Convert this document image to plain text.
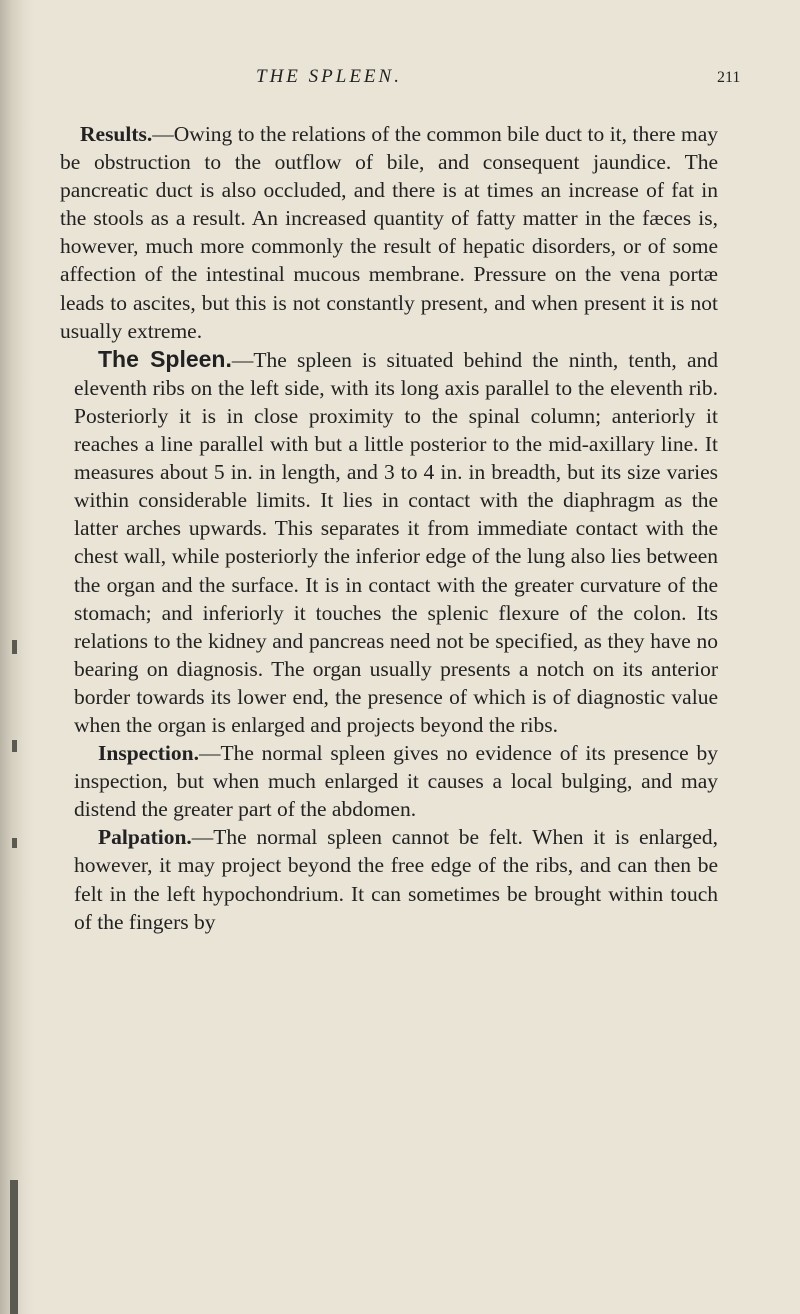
THE SPLEEN.	211

Results.—Owing to the relations of the common bile duct to it, there may be obstruction to the outflow of bile, and consequent jaundice. The pancreatic duct is also occluded, and there is at times an increase of fat in the stools as a result. An increased quantity of fatty matter in the fæces is, however, much more commonly the result of hepatic disorders, or of some affection of the intestinal mucous membrane. Pressure on the vena portæ leads to ascites, but this is not constantly present, and when present it is not usually extreme.

The Spleen.—The spleen is situated behind the ninth, tenth, and eleventh ribs on the left side, with its long axis parallel to the eleventh rib. Posteriorly it is in close proximity to the spinal column; anteriorly it reaches a line parallel with but a little posterior to the mid-axillary line. It measures about 5 in. in length, and 3 to 4 in. in breadth, but its size varies within considerable limits. It lies in contact with the diaphragm as the latter arches upwards. This separates it from immediate contact with the chest wall, while posteriorly the inferior edge of the lung also lies between the organ and the surface. It is in contact with the greater curvature of the stomach; and inferiorly it touches the splenic flexure of the colon. Its relations to the kidney and pancreas need not be specified, as they have no bearing on diagnosis. The organ usually presents a notch on its anterior border towards its lower end, the presence of which is of diagnostic value when the organ is enlarged and projects beyond the ribs.

Inspection.—The normal spleen gives no evidence of its presence by inspection, but when much enlarged it causes a local bulging, and may distend the greater part of the abdomen.

Palpation.—The normal spleen cannot be felt. When it is enlarged, however, it may project beyond the free edge of the ribs, and can then be felt in the left hypochondrium. It can sometimes be brought within touch of the fingers by
